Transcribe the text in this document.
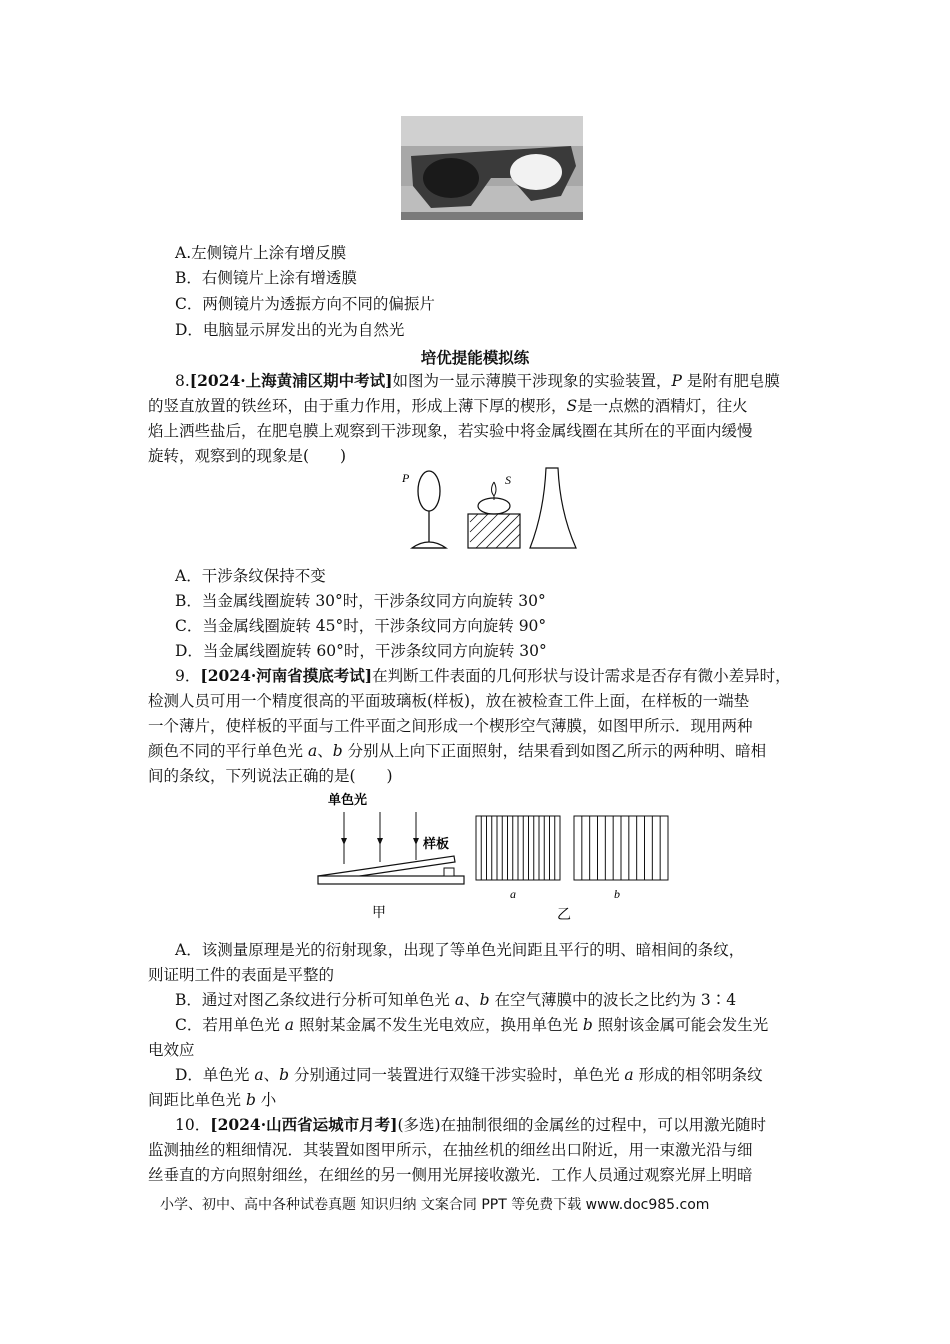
A.左侧镜片上涂有增反膜
B．右侧镜片上涂有增透膜
C．两侧镜片为透振方向不同的偏振片
D．电脑显示屏发出的光为自然光
培优提能模拟练
8.[2024·上海黄浦区期中考试]如图为一显示薄膜干涉现象的实验装置，P 是附有肥皂膜
的竖直放置的铁丝环，由于重力作用，形成上薄下厚的楔形，S是一点燃的酒精灯，往火
焰上洒些盐后，在肥皂膜上观察到干涉现象，若实验中将金属线圈在其所在的平面内缓慢
旋转，观察到的现象是(　　)
P	S
A．干涉条纹保持不变
B．当金属线圈旋转 30°时，干涉条纹同方向旋转 30°
C．当金属线圈旋转 45°时，干涉条纹同方向旋转 90°
D．当金属线圈旋转 60°时，干涉条纹同方向旋转 30°
9．[2024·河南省摸底考试]在判断工件表面的几何形状与设计需求是否存有微小差异时，
检测人员可用一个精度很高的平面玻璃板(样板)，放在被检查工件上面，在样板的一端垫
一个薄片，使样板的平面与工件平面之间形成一个楔形空气薄膜，如图甲所示．现用两种
颜色不同的平行单色光 a、b 分别从上向下正面照射，结果看到如图乙所示的两种明、暗相
间的条纹，下列说法正确的是(　　)
单色光
样板
甲
a	b
乙
A．该测量原理是光的衍射现象，出现了等单色光间距且平行的明、暗相间的条纹，
则证明工件的表面是平整的
B．通过对图乙条纹进行分析可知单色光 a、b 在空气薄膜中的波长之比约为 3∶4
C．若用单色光 a 照射某金属不发生光电效应，换用单色光 b 照射该金属可能会发生光
电效应
D．单色光 a、b 分别通过同一装置进行双缝干涉实验时，单色光 a 形成的相邻明条纹
间距比单色光 b 小
10．[2024·山西省运城市月考](多选)在抽制很细的金属丝的过程中，可以用激光随时
监测抽丝的粗细情况．其装置如图甲所示，在抽丝机的细丝出口附近，用一束激光沿与细
丝垂直的方向照射细丝，在细丝的另一侧用光屏接收激光．工作人员通过观察光屏上明暗
小学、初中、高中各种试卷真题 知识归纳 文案合同 PPT 等免费下载 www.doc985.com
